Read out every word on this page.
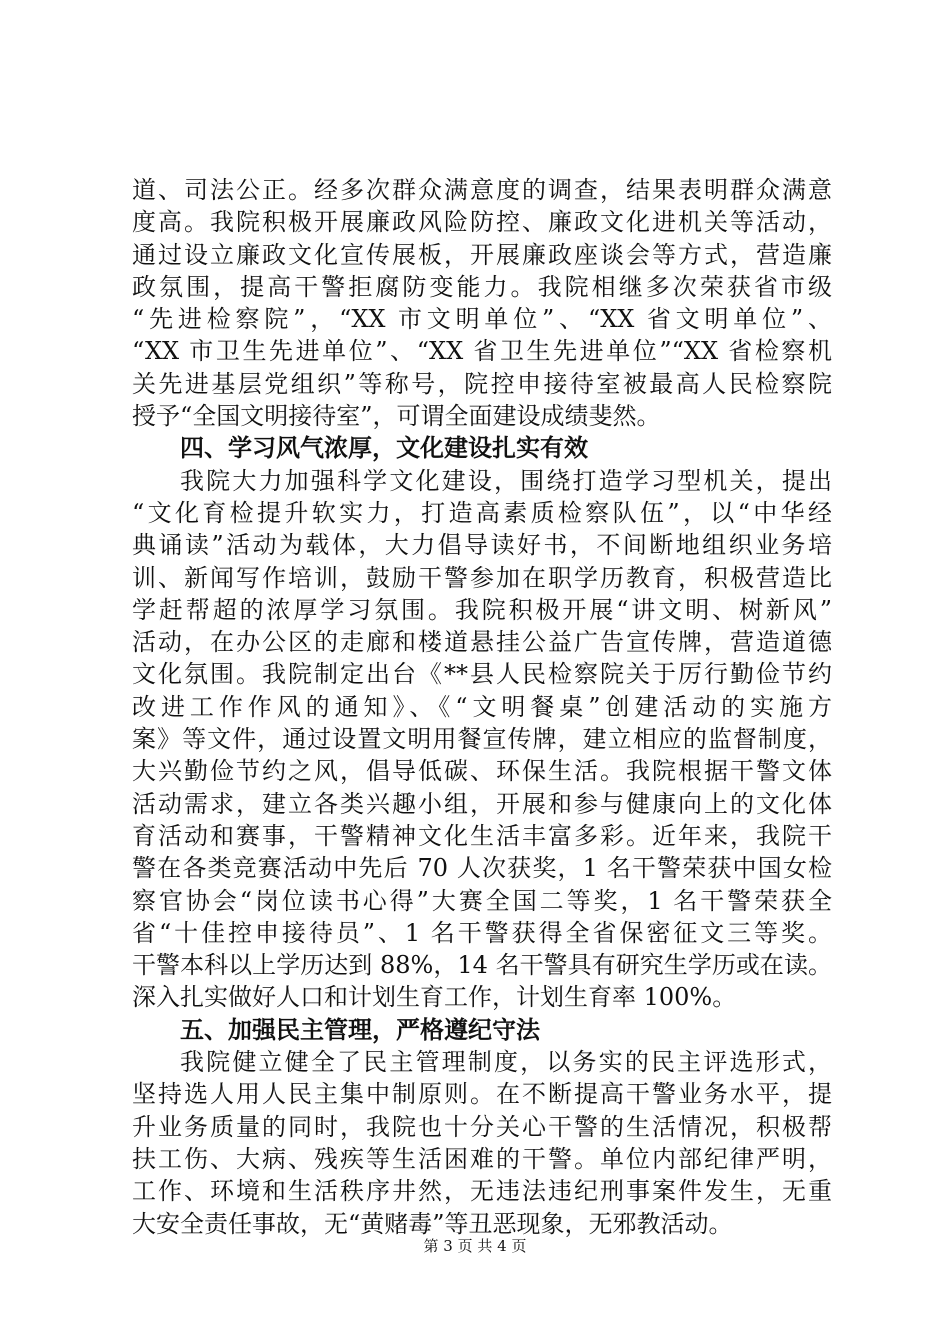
道、司法公正。经多次群众满意度的调查，结果表明群众满意
度高。我院积极开展廉政风险防控、廉政文化进机关等活动，
通过设立廉政文化宣传展板，开展廉政座谈会等方式，营造廉
政氛围，提高干警拒腐防变能力。我院相继多次荣获省市级
“先进检察院”，“XX 市文明单位”、“XX 省文明单位”、
“XX 市卫生先进单位”、“XX 省卫生先进单位”“XX 省检察机
关先进基层党组织”等称号，院控申接待室被最高人民检察院
授予“全国文明接待室”，可谓全面建设成绩斐然。
四、学习风气浓厚，文化建设扎实有效
我院大力加强科学文化建设，围绕打造学习型机关，提出
“文化育检提升软实力，打造高素质检察队伍”，以“中华经
典诵读”活动为载体，大力倡导读好书，不间断地组织业务培
训、新闻写作培训，鼓励干警参加在职学历教育，积极营造比
学赶帮超的浓厚学习氛围。我院积极开展“讲文明、树新风”
活动，在办公区的走廊和楼道悬挂公益广告宣传牌，营造道德
文化氛围。我院制定出台《**县人民检察院关于厉行勤俭节约
改进工作作风的通知》、《“文明餐桌”创建活动的实施方
案》等文件，通过设置文明用餐宣传牌，建立相应的监督制度，
大兴勤俭节约之风，倡导低碳、环保生活。我院根据干警文体
活动需求，建立各类兴趣小组，开展和参与健康向上的文化体
育活动和赛事，干警精神文化生活丰富多彩。近年来，我院干
警在各类竞赛活动中先后 70 人次获奖，1 名干警荣获中国女检
察官协会“岗位读书心得”大赛全国二等奖，1 名干警荣获全
省“十佳控申接待员”、1 名干警获得全省保密征文三等奖。
干警本科以上学历达到 88%，14 名干警具有研究生学历或在读。
深入扎实做好人口和计划生育工作，计划生育率 100%。
五、加强民主管理，严格遵纪守法
我院健立健全了民主管理制度，以务实的民主评选形式，
坚持选人用人民主集中制原则。在不断提高干警业务水平，提
升业务质量的同时，我院也十分关心干警的生活情况，积极帮
扶工伤、大病、残疾等生活困难的干警。单位内部纪律严明，
工作、环境和生活秩序井然，无违法违纪刑事案件发生，无重
大安全责任事故，无“黄赌毒”等丑恶现象，无邪教活动。
第 3 页 共 4 页
